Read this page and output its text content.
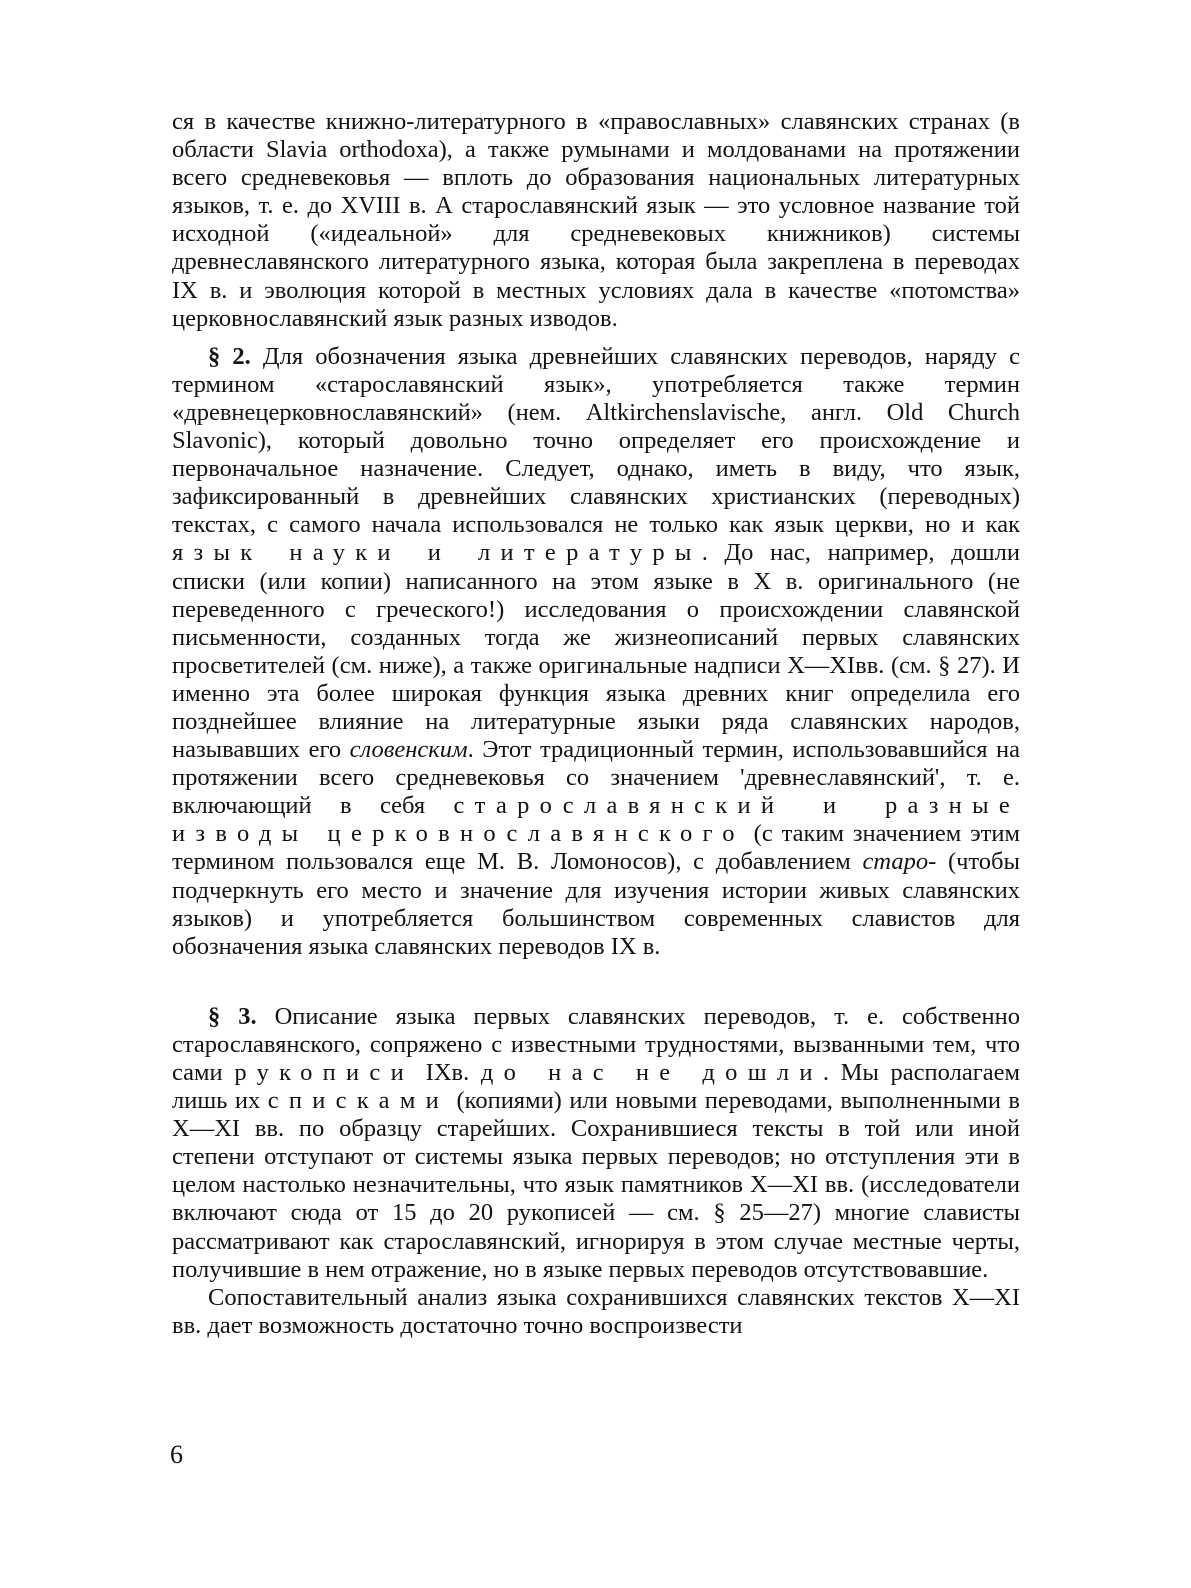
ся в качестве книжно-литературного в «православных» славянских странах (в области Slavia orthodoxa), а также румынами и молдованами на протяжении всего средневековья — вплоть до образования национальных литературных языков, т. е. до XVIII в. А старославянский язык — это условное название той исходной («идеальной» для средневековых книжников) системы древнеславянского литературного языка, которая была закреплена в переводах IX в. и эволюция которой в местных условиях дала в качестве «потомства» церковнославянский язык разных изводов.

§ 2. Для обозначения языка древнейших славянских переводов, наряду с термином «старославянский язык», употребляется также термин «древнецерковнославянский» (нем. Altkirchenslavische, англ. Old Church Slavonic), который довольно точно определяет его происхождение и первоначальное назначение. Следует, однако, иметь в виду, что язык, зафиксированный в древнейших славянских христианских (переводных) текстах, с самого начала использовался не только как язык церкви, но и как язык науки и литературы. До нас, например, дошли списки (или копии) написанного на этом языке в X в. оригинального (не переведенного с греческого!) исследования о происхождении славянской письменности, созданных тогда же жизнеописаний первых славянских просветителей (см. ниже), а также оригинальные надписи X—XIвв. (см. § 27). И именно эта более широкая функция языка древних книг определила его позднейшее влияние на литературные языки ряда славянских народов, называвших его словенским. Этот традиционный термин, использовавшийся на протяжении всего средневековья со значением 'древнеславянский', т. е. включающий в себя старославянский и разные изводы церковнославянского (с таким значением этим термином пользовался еще М. В. Ломоносов), с добавлением старо- (чтобы подчеркнуть его место и значение для изучения истории живых славянских языков) и употребляется большинством современных славистов для обозначения языка славянских переводов IX в.

§ 3. Описание языка первых славянских переводов, т. е. собственно старославянского, сопряжено с известными трудностями, вызванными тем, что сами рукописи IXв. до нас не дошли. Мы располагаем лишь их списками (копиями) или новыми переводами, выполненными в X—XI вв. по образцу старейших. Сохранившиеся тексты в той или иной степени отступают от системы языка первых переводов; но отступления эти в целом настолько незначительны, что язык памятников X—XI вв. (исследователи включают сюда от 15 до 20 рукописей — см. § 25—27) многие слависты рассматривают как старославянский, игнорируя в этом случае местные черты, получившие в нем отражение, но в языке первых переводов отсутствовавшие.

Сопоставительный анализ языка сохранившихся славянских текстов X—XI вв. дает возможность достаточно точно воспроизвести

6
